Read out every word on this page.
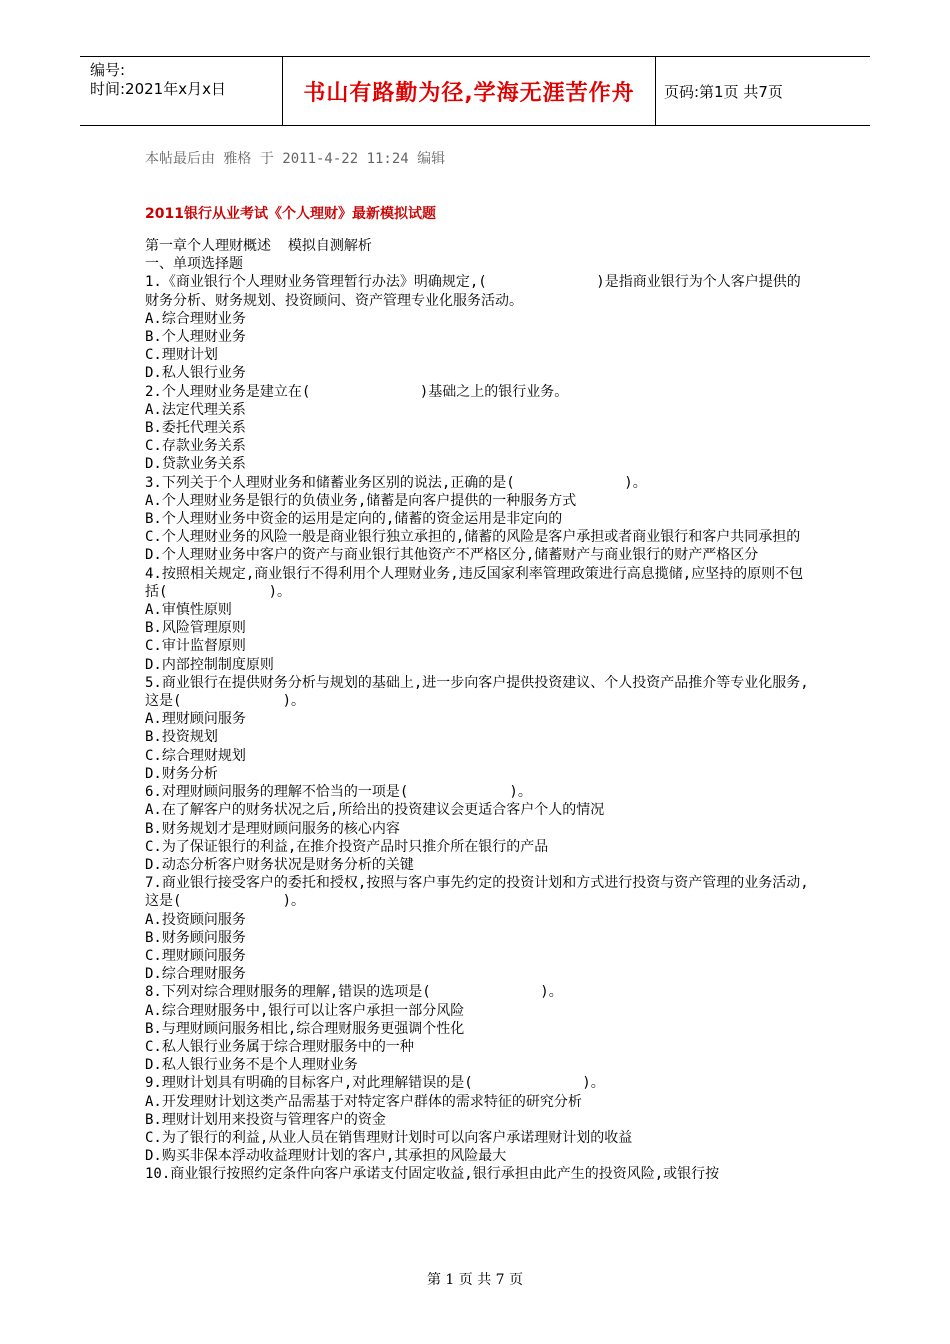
编号:
时间:2021年x月x日	书山有路勤为径,学海无涯苦作舟	页码:第1页 共7页
本帖最后由 雅格 于 2011-4-22 11:24 编辑
2011银行从业考试《个人理财》最新模拟试题
第一章个人理财概述  模拟自测解析
一、单项选择题
1.《商业银行个人理财业务管理暂行办法》明确规定,(             )是指商业银行为个人客户提供的财务分析、财务规划、投资顾问、资产管理专业化服务活动。
A.综合理财业务
B.个人理财业务
C.理财计划
D.私人银行业务
2.个人理财业务是建立在(             )基础之上的银行业务。
A.法定代理关系
B.委托代理关系
C.存款业务关系
D.贷款业务关系
3.下列关于个人理财业务和储蓄业务区别的说法,正确的是(             )。
A.个人理财业务是银行的负债业务,储蓄是向客户提供的一种服务方式
B.个人理财业务中资金的运用是定向的,储蓄的资金运用是非定向的
C.个人理财业务的风险一般是商业银行独立承担的,储蓄的风险是客户承担或者商业银行和客户共同承担的
D.个人理财业务中客户的资产与商业银行其他资产不严格区分,储蓄财产与商业银行的财产严格区分
4.按照相关规定,商业银行不得利用个人理财业务,违反国家利率管理政策进行高息揽储,应坚持的原则不包括(            )。
A.审慎性原则
B.风险管理原则
C.审计监督原则
D.内部控制制度原则
5.商业银行在提供财务分析与规划的基础上,进一步向客户提供投资建议、个人投资产品推介等专业化服务,这是(            )。
A.理财顾问服务
B.投资规划
C.综合理财规划
D.财务分析
6.对理财顾问服务的理解不恰当的一项是(            )。
A.在了解客户的财务状况之后,所给出的投资建议会更适合客户个人的情况
B.财务规划才是理财顾问服务的核心内容
C.为了保证银行的利益,在推介投资产品时只推介所在银行的产品
D.动态分析客户财务状况是财务分析的关键
7.商业银行接受客户的委托和授权,按照与客户事先约定的投资计划和方式进行投资与资产管理的业务活动,这是(            )。
A.投资顾问服务
B.财务顾问服务
C.理财顾问服务
D.综合理财服务
8.下列对综合理财服务的理解,错误的选项是(             )。
A.综合理财服务中,银行可以让客户承担一部分风险
B.与理财顾问服务相比,综合理财服务更强调个性化
C.私人银行业务属于综合理财服务中的一种
D.私人银行业务不是个人理财业务
9.理财计划具有明确的目标客户,对此理解错误的是(             )。
A.开发理财计划这类产品需基于对特定客户群体的需求特征的研究分析
B.理财计划用来投资与管理客户的资金
C.为了银行的利益,从业人员在销售理财计划时可以向客户承诺理财计划的收益
D.购买非保本浮动收益理财计划的客户,其承担的风险最大
10.商业银行按照约定条件向客户承诺支付固定收益,银行承担由此产生的投资风险,或银行按
第 1 页 共 7 页
